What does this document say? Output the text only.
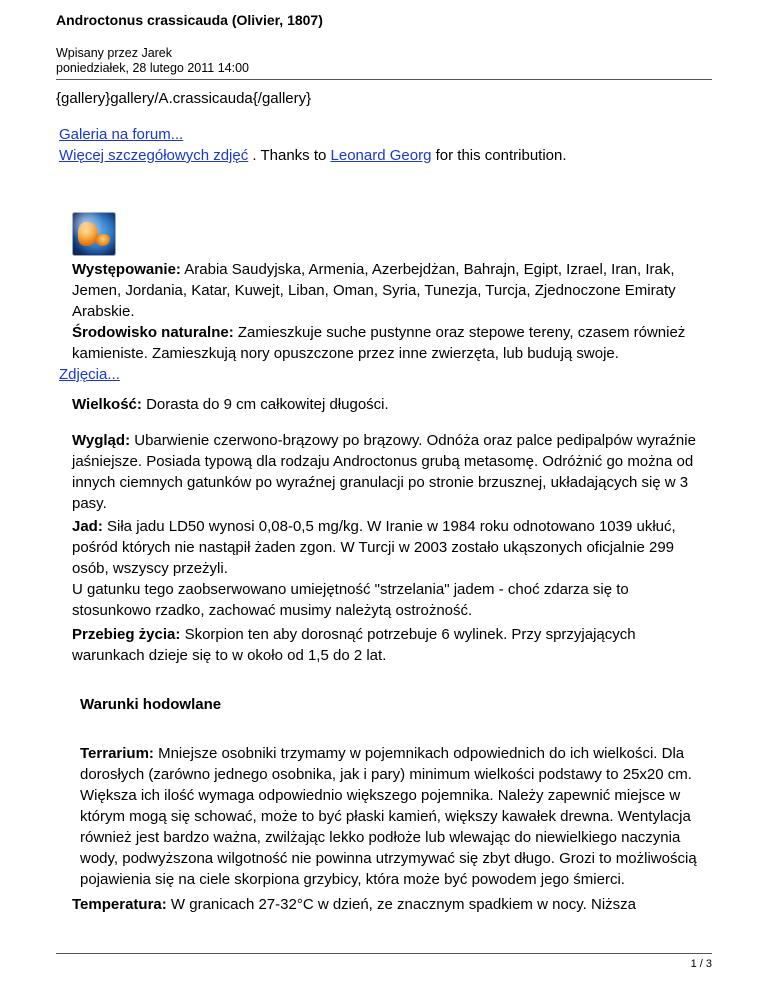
Androctonus crassicauda (Olivier, 1807)
Wpisany przez Jarek
poniedziałek, 28 lutego 2011 14:00

{gallery}gallery/A.crassicauda{/gallery}

Galeria na forum...

Więcej szczegółowych zdjęć . Thanks to Leonard Georg for this contribution.

Występowanie: Arabia Saudyjska, Armenia, Azerbejdżan, Bahrajn, Egipt, Izrael, Iran, Irak, Jemen, Jordania, Katar, Kuwejt, Liban, Oman, Syria, Tunezja, Turcja, Zjednoczone Emiraty Arabskie.

Środowisko naturalne: Zamieszkuje suche pustynne oraz stepowe tereny, czasem również kamieniste. Zamieszkują nory opuszczone przez inne zwierzęta, lub budują swoje.

Zdjęcia...

Wielkość: Dorasta do 9 cm całkowitej długości.

Wygląd: Ubarwienie czerwono-brązowy po brązowy. Odnóża oraz palce pedipalpów wyraźnie jaśniejsze. Posiada typową dla rodzaju Androctonus grubą metasomę. Odróżnić go można od innych ciemnych gatunków po wyraźnej granulacji po stronie brzusznej, układających się w 3 pasy.

Jad: Siła jadu LD50 wynosi 0,08-0,5 mg/kg. W Iranie w 1984 roku odnotowano 1039 ukłuć, pośród których nie nastąpił żaden zgon. W Turcji w 2003 zostało ukąszonych oficjalnie 299 osób, wszyscy przeżyli.

U gatunku tego zaobserwowano umiejętność "strzelania" jadem - choć zdarza się to stosunkowo rzadko, zachować musimy należytą ostrożność.

Przebieg życia: Skorpion ten aby dorosnąć potrzebuje 6 wylinek. Przy sprzyjających warunkach dzieje się to w około od 1,5 do 2 lat.

Warunki hodowlane

Terrarium: Mniejsze osobniki trzymamy w pojemnikach odpowiednich do ich wielkości. Dla dorosłych (zarówno jednego osobnika, jak i pary) minimum wielkości podstawy to 25x20 cm. Większa ich ilość wymaga odpowiednio większego pojemnika. Należy zapewnić miejsce w którym mogą się schować, może to być płaski kamień, większy kawałek drewna. Wentylacja również jest bardzo ważna, zwilżając lekko podłoże lub wlewając do niewielkiego naczynia wody, podwyższona wilgotność nie powinna utrzymywać się zbyt długo. Grozi to możliwością pojawienia się na ciele skorpiona grzybicy, która może być powodem jego śmierci.

Temperatura: W granicach 27-32°C w dzień, ze znacznym spadkiem w nocy. Niższa

1 / 3
